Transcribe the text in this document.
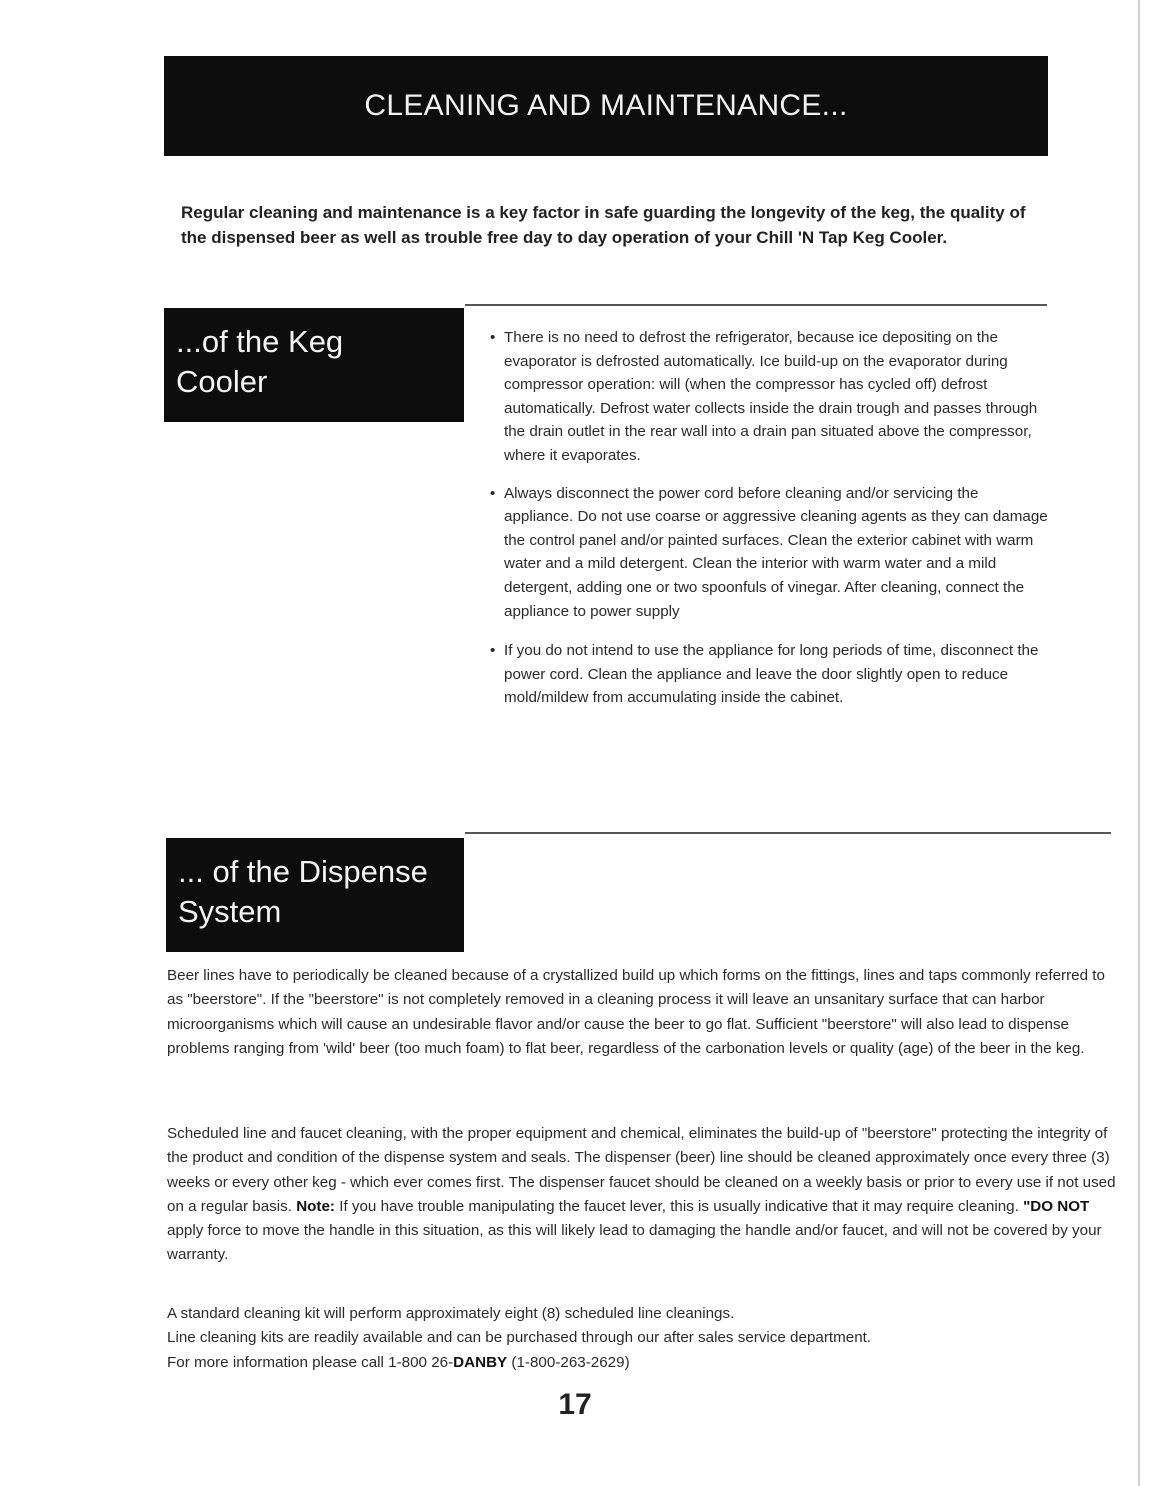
CLEANING AND MAINTENANCE...
Regular cleaning and maintenance is a key factor in safe guarding the longevity of the keg, the quality of the dispensed beer as well as trouble free day to day operation of your Chill 'N Tap Keg Cooler.
...of the Keg
Cooler
• There is no need to defrost the refrigerator, because ice depositing on the evaporator is defrosted automatically. Ice build-up on the evaporator during compressor operation: will (when the compressor has cycled off) defrost automatically. Defrost water collects inside the drain trough and passes through the drain outlet in the rear wall into a drain pan situated above the compressor, where it evaporates.
• Always disconnect the power cord before cleaning and/or servicing the appliance. Do not use coarse or aggressive cleaning agents as they can damage the control panel and/or painted surfaces. Clean the exterior cabinet with warm water and a mild detergent. Clean the interior with warm water and a mild detergent, adding one or two spoonfuls of vinegar. After cleaning, connect the appliance to power supply
• If you do not intend to use the appliance for long periods of time, disconnect the power cord. Clean the appliance and leave the door slightly open to reduce mold/mildew from accumulating inside the cabinet.
... of the Dispense
System

Beer lines have to periodically be cleaned because of a crystallized build up which forms on the fittings, lines and taps commonly referred to as "beerstore". If the "beerstore" is not completely removed in a cleaning process it will leave an unsanitary surface that can harbor microorganisms which will cause an undesirable flavor and/or cause the beer to go flat. Sufficient "beerstore" will also lead to dispense problems ranging from 'wild' beer (too much foam) to flat beer, regardless of the carbonation levels or quality (age) of the beer in the keg.

Scheduled line and faucet cleaning, with the proper equipment and chemical, eliminates the build-up of "beerstore" protecting the integrity of the product and condition of the dispense system and seals. The dispenser (beer) line should be cleaned approximately once every three (3) weeks or every other keg - which ever comes first. The dispenser faucet should be cleaned on a weekly basis or prior to every use if not used on a regular basis. Note: If you have trouble manipulating the faucet lever, this is usually indicative that it may require cleaning. "DO NOT apply force to move the handle in this situation, as this will likely lead to damaging the handle and/or faucet, and will not be covered by your warranty.

A standard cleaning kit will perform approximately eight (8) scheduled line cleanings.
Line cleaning kits are readily available and can be purchased through our after sales service department.
For more information please call 1-800 26-DANBY (1-800-263-2629)

17
